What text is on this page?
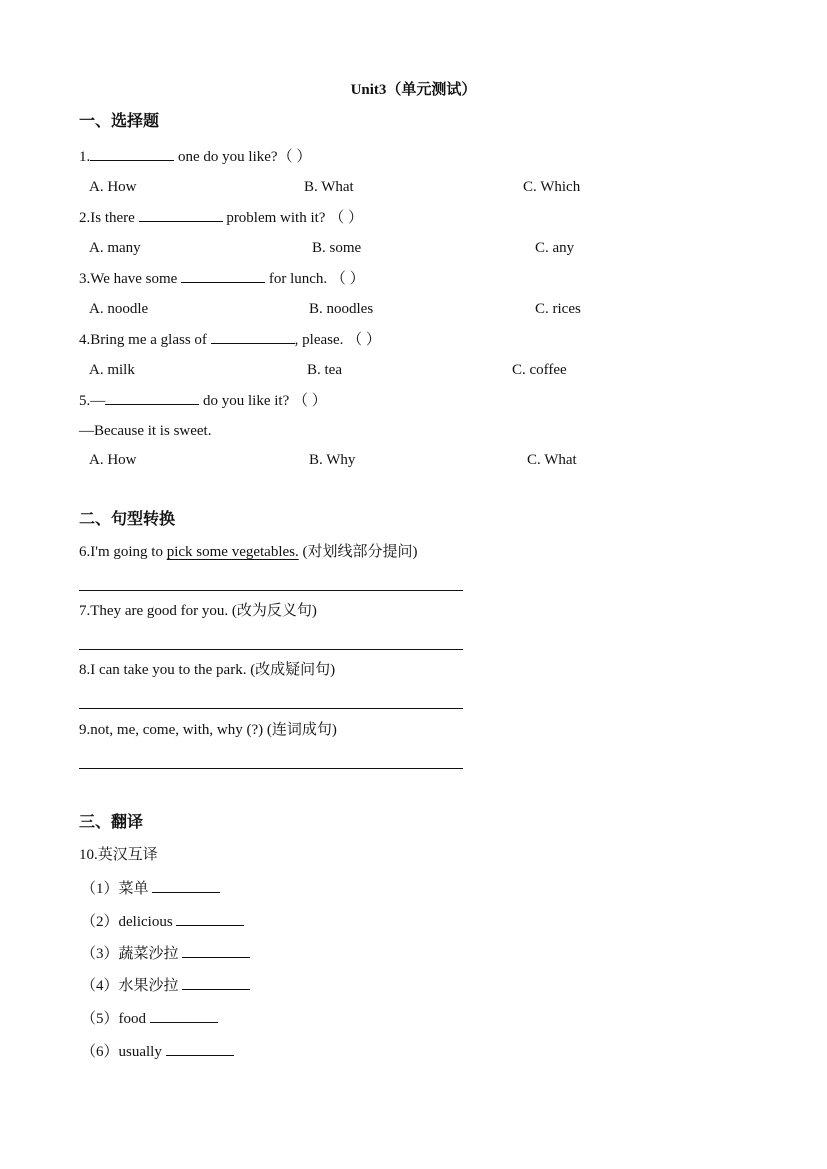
Unit3（单元测试）
一、选择题
1.	one do you like?（ ）
A. How	B. What	C. Which
2.Is there	problem with it? （ ）
A. many	B. some	C. any
3.We have some	for lunch. （ ）
A. noodle	B. noodles	C. rices
4.Bring me a glass of	, please. （ ）
A. milk	B. tea	C. coffee
5.—	do you like it? （ ）
—Because it is sweet.
A. How	B. Why	C. What
二、句型转换
6.I'm going to pick some vegetables. (对划线部分提问)
7.They are good for you. (改为反义句)
8.I can take you to the park. (改成疑问句)
9.not, me, come, with, why (?) (连词成句)
三、翻译
10.英汉互译
（1）菜单
（2）delicious
（3）蔬菜沙拉
（4）水果沙拉
（5）food
（6）usually
